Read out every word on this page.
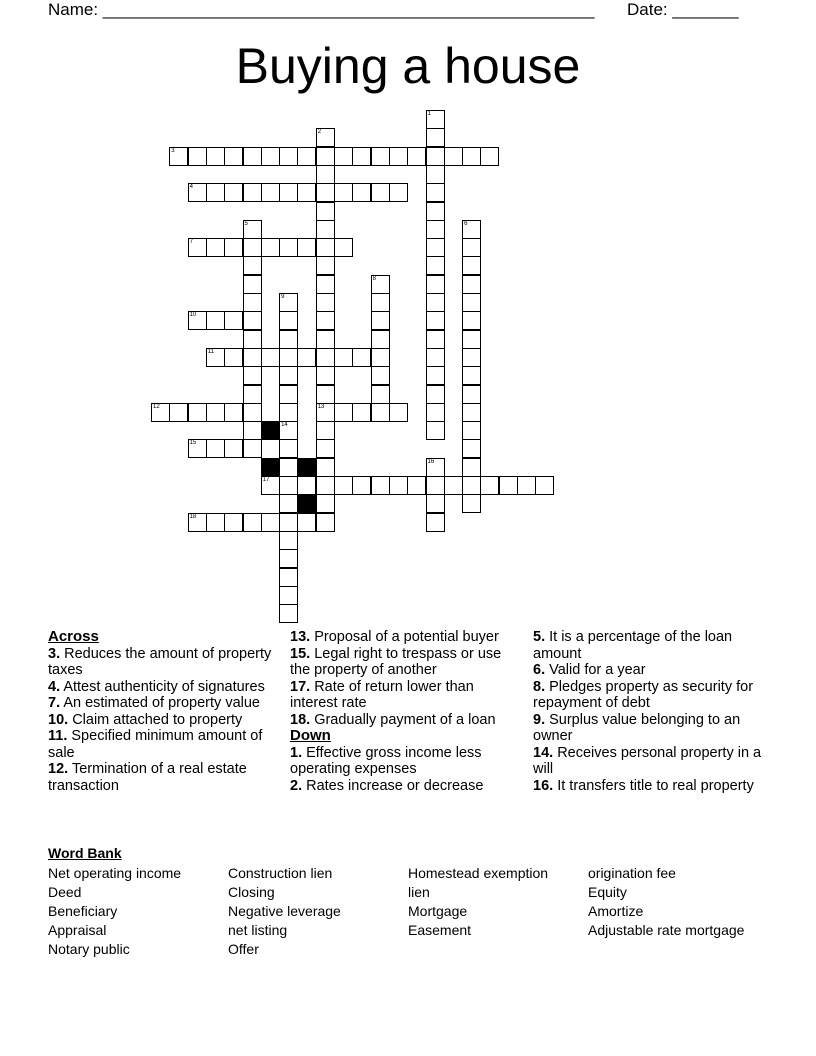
Name: ____________________________________________________ Date: _______
Buying a house
1
2
13
3
4
5	6
7
8
9
14
10
11
12
15
16
17
18
Across
3. Reduces the amount of property taxes
4. Attest authenticity of signatures
7. An estimated of property value
10. Claim attached to property
11. Specified minimum amount of sale
12. Termination of a real estate transaction
13. Proposal of a potential buyer
15. Legal right to trespass or use the property of another
17. Rate of return lower than interest rate
18. Gradually payment of a loan
Down
1. Effective gross income less operating expenses
2. Rates increase or decrease
5. It is a percentage of the loan amount
6. Valid for a year
8. Pledges property as security for repayment of debt
9. Surplus value belonging to an owner
14. Receives personal property in a will
16. It transfers title to real property
Word Bank
Net operating income
Deed
Beneficiary
Appraisal
Notary public
Construction lien
Closing
Negative leverage
net listing
Offer
Homestead exemption
lien
Mortgage
Easement
origination fee
Equity
Amortize
Adjustable rate mortgage
